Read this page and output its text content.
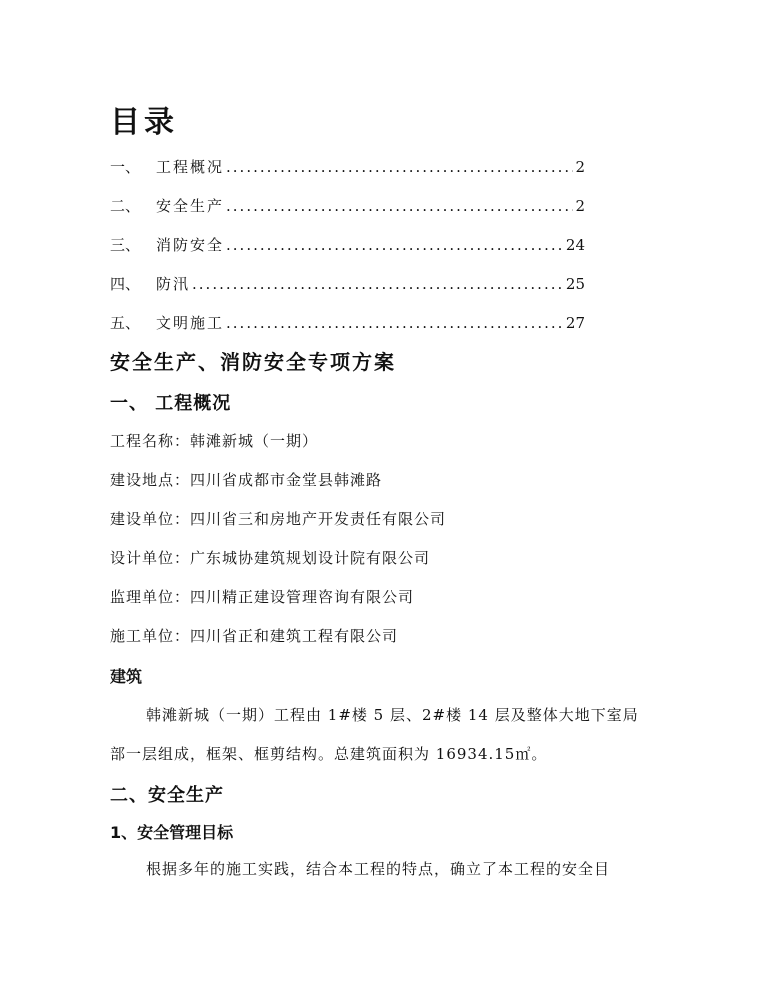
目录
一、	工程概况 .....	2
二、	安全生产 .....	2
三、	消防安全 .....	24
四、	防汛 .....	25
五、	文明施工 .....	27
安全生产、消防安全专项方案
一、 工程概况
工程名称：韩滩新城（一期）
建设地点：四川省成都市金堂县韩滩路
建设单位：四川省三和房地产开发责任有限公司
设计单位：广东城协建筑规划设计院有限公司
监理单位：四川精正建设管理咨询有限公司
施工单位：四川省正和建筑工程有限公司
建筑
韩滩新城（一期）工程由 1#楼 5 层、2#楼 14 层及整体大地下室局
部一层组成，框架、框剪结构。总建筑面积为 16934.15㎡。
二、安全生产
1、安全管理目标
根据多年的施工实践，结合本工程的特点，确立了本工程的安全目
